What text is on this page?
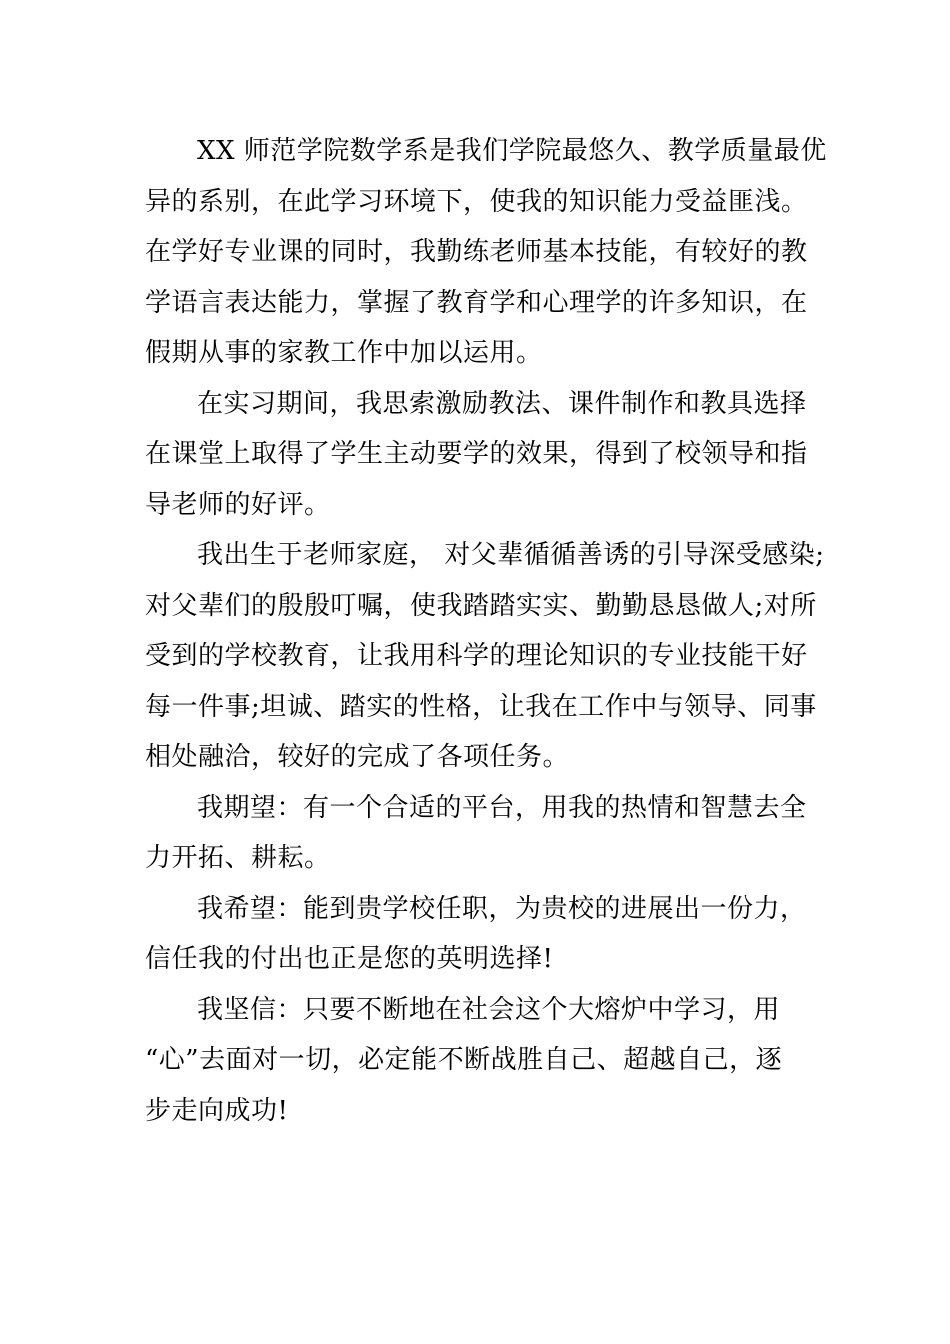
XX 师范学院数学系是我们学院最悠久、教学质量最优
异的系别，在此学习环境下，使我的知识能力受益匪浅。
在学好专业课的同时，我勤练老师基本技能，有较好的教
学语言表达能力，掌握了教育学和心理学的许多知识，在
假期从事的家教工作中加以运用。

在实习期间，我思索激励教法、课件制作和教具选择
在课堂上取得了学生主动要学的效果，得到了校领导和指
导老师的好评。

我出生于老师家庭， 对父辈循循善诱的引导深受感染;
对父辈们的殷殷叮嘱，使我踏踏实实、勤勤恳恳做人;对所
受到的学校教育，让我用科学的理论知识的专业技能干好
每一件事;坦诚、踏实的性格，让我在工作中与领导、同事
相处融洽，较好的完成了各项任务。

我期望：有一个合适的平台，用我的热情和智慧去全
力开拓、耕耘。

我希望：能到贵学校任职，为贵校的进展出一份力，
信任我的付出也正是您的英明选择!

我坚信：只要不断地在社会这个大熔炉中学习，用
“心”去面对一切，必定能不断战胜自己、超越自己，逐
步走向成功!
